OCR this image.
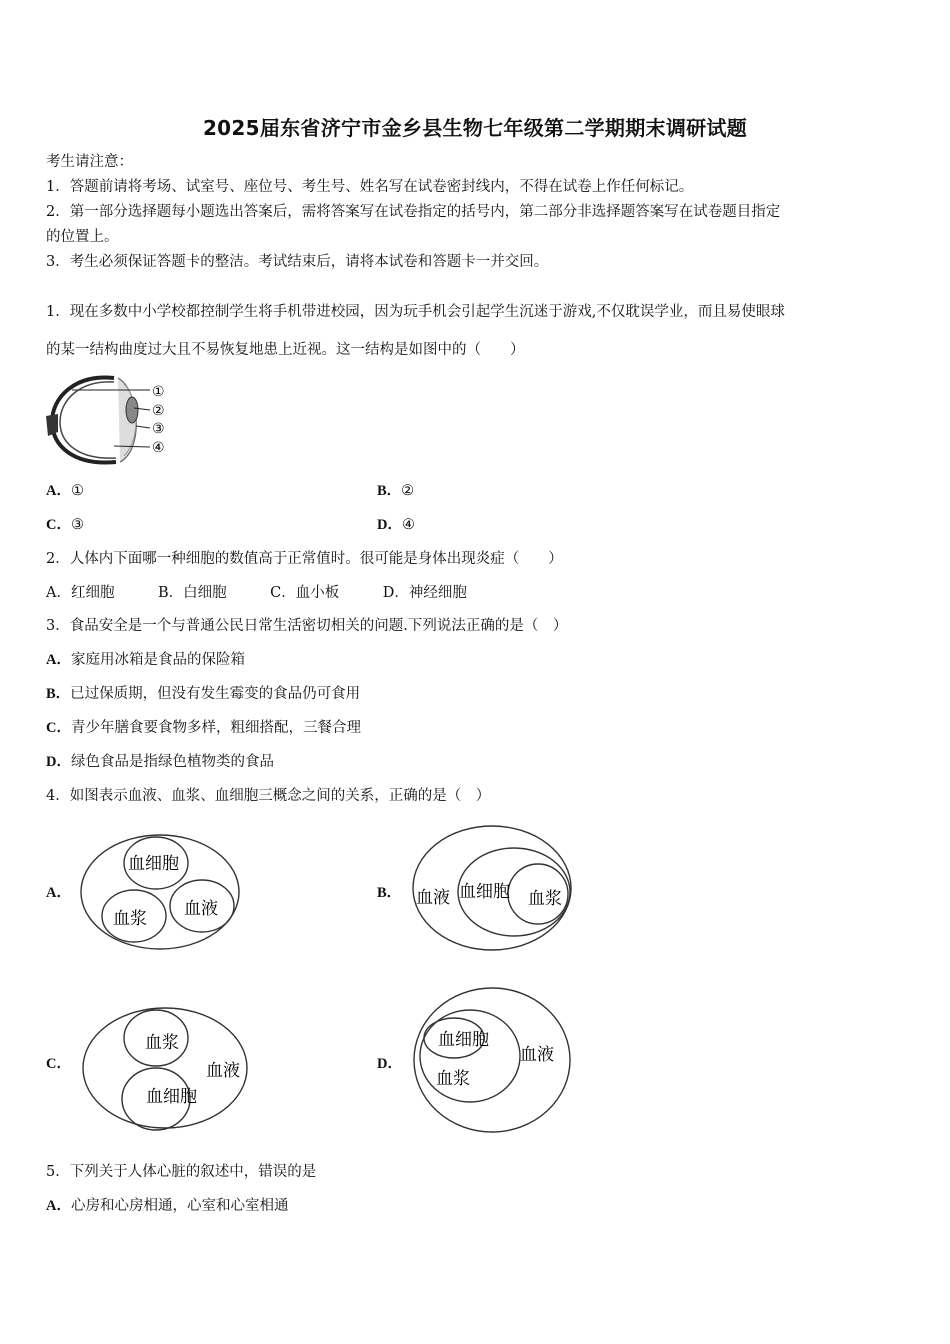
2025届东省济宁市金乡县生物七年级第二学期期末调研试题
考生请注意：
1．答题前请将考场、试室号、座位号、考生号、姓名写在试卷密封线内，不得在试卷上作任何标记。
2．第一部分选择题每小题选出答案后，需将答案写在试卷指定的括号内，第二部分非选择题答案写在试卷题目指定
的位置上。
3．考生必须保证答题卡的整洁。考试结束后，请将本试卷和答题卡一并交回。
1．现在多数中小学校都控制学生将手机带进校园，因为玩手机会引起学生沉迷于游戏,不仅耽误学业，而且易使眼球
的某一结构曲度过大且不易恢复地患上近视。这一结构是如图中的（　　）
①
②
③
④
A．①	B．②
C．③	D．④
2．人体内下面哪一种细胞的数值高于正常值时。很可能是身体出现炎症（　　）
A．红细胞　　　B．白细胞　　　C．血小板　　　D．神经细胞
3．食品安全是一个与普通公民日常生活密切相关的问题.下列说法正确的是（　）
A．家庭用冰箱是食品的保险箱
B．已过保质期，但没有发生霉变的食品仍可食用
C．青少年膳食要食物多样，粗细搭配，三餐合理
D．绿色食品是指绿色植物类的食品
4．如图表示血液、血浆、血细胞三概念之间的关系，正确的是（　）
A．
血细胞
血浆 血液
B． 血液 血细胞 血浆
C．
血浆
血液
血细胞
D．
血细胞
血浆
血液
5．下列关于人体心脏的叙述中，错误的是
A．心房和心房相通，心室和心室相通
